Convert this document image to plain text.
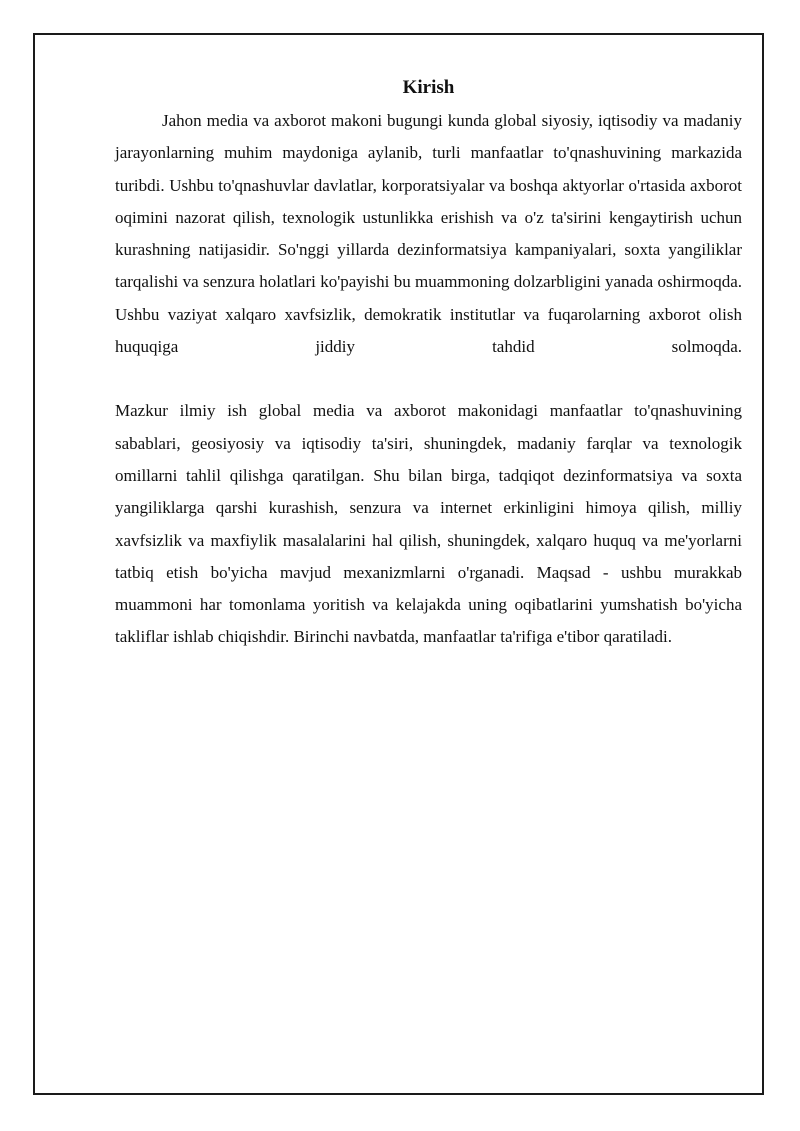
Kirish

Jahon media va axborot makoni bugungi kunda global siyosiy, iqtisodiy va madaniy jarayonlarning muhim maydoniga aylanib, turli manfaatlar to'qnashuvining markazida turibdi. Ushbu to'qnashuvlar davlatlar, korporatsiyalar va boshqa aktyorlar o'rtasida axborot oqimini nazorat qilish, texnologik ustunlikka erishish va o'z ta'sirini kengaytirish uchun kurashning natijasidir. So'nggi yillarda dezinformatsiya kampaniyalari, soxta yangiliklar tarqalishi va senzura holatlari ko'payishi bu muammoning dolzarbligini yanada oshirmoqda. Ushbu vaziyat xalqaro xavfsizlik, demokratik institutlar va fuqarolarning axborot olish huquqiga jiddiy tahdid solmoqda.

Mazkur ilmiy ish global media va axborot makonidagi manfaatlar to'qnashuvining sabablari, geosiyosiy va iqtisodiy ta'siri, shuningdek, madaniy farqlar va texnologik omillarni tahlil qilishga qaratilgan. Shu bilan birga, tadqiqot dezinformatsiya va soxta yangiliklarga qarshi kurashish, senzura va internet erkinligini himoya qilish, milliy xavfsizlik va maxfiylik masalalarini hal qilish, shuningdek, xalqaro huquq va me'yorlarni tatbiq etish bo'yicha mavjud mexanizmlarni o'rganadi. Maqsad - ushbu murakkab muammoni har tomonlama yoritish va kelajakda uning oqibatlarini yumshatish bo'yicha takliflar ishlab chiqishdir. Birinchi navbatda, manfaatlar ta'rifiga e'tibor qaratiladi.
